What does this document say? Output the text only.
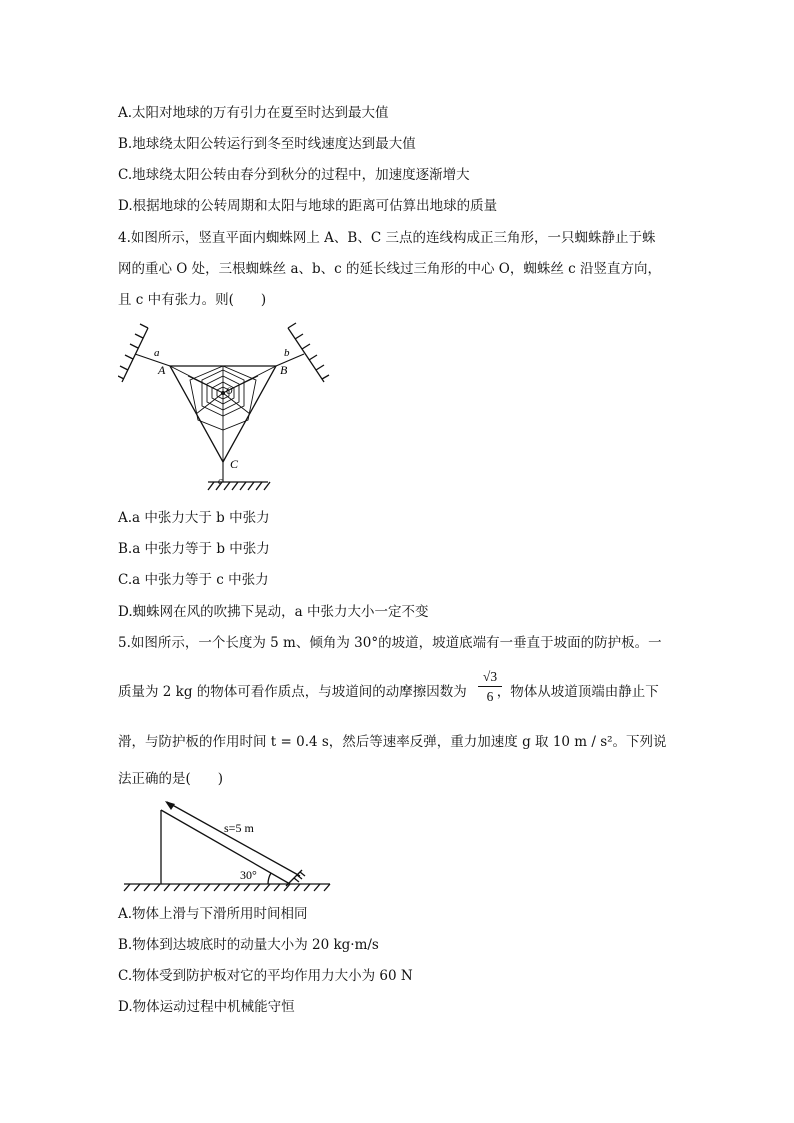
A.太阳对地球的万有引力在夏至时达到最大值
B.地球绕太阳公转运行到冬至时线速度达到最大值
C.地球绕太阳公转由春分到秋分的过程中，加速度逐渐增大
D.根据地球的公转周期和太阳与地球的距离可估算出地球的质量
4.如图所示，竖直平面内蜘蛛网上 A、B、C 三点的连线构成正三角形，一只蜘蛛静止于蛛
网的重心 O 处，三根蜘蛛丝 a、b、c 的延长线过三角形的中心 O，蜘蛛丝 c 沿竖直方向，
且 c 中有张力。则(　　)
a	b
c
A	B
C
O
A.a 中张力大于 b 中张力
B.a 中张力等于 b 中张力
C.a 中张力等于 c 中张力
D.蜘蛛网在风的吹拂下晃动，a 中张力大小一定不变
5.如图所示，一个长度为 5 m、倾角为 30°的坡道，坡道底端有一垂直于坡面的防护板。一
质量为 2 kg 的物体可看作质点，与坡道间的动摩擦因数为 ，物体从坡道顶端由静止下
$\frac{√3}{6}$
滑，与防护板的作用时间 t = 0.4 s，然后等速率反弹，重力加速度 g 取 10 m / s²。下列说
法正确的是(　　)
s=5 m
30°
A.物体上滑与下滑所用时间相同
B.物体到达坡底时的动量大小为 20 kg·m/s
C.物体受到防护板对它的平均作用力大小为 60 N
D.物体运动过程中机械能守恒
